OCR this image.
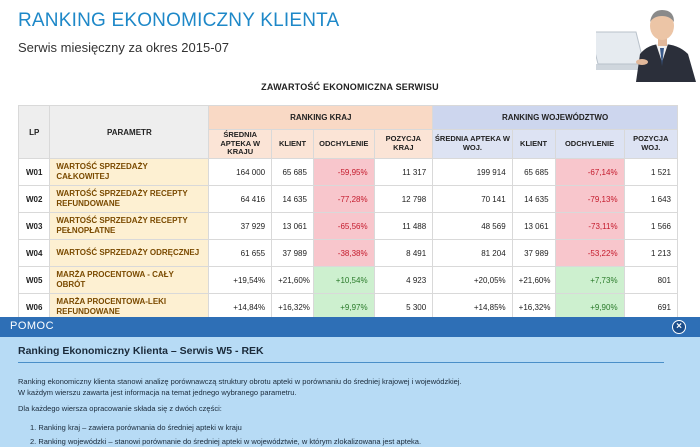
RANKING EKONOMICZNY KLIENTA
Serwis miesięczny za okres 2015-07
ZAWARTOŚĆ EKONOMICZNA SERWISU
LP	PARAMETR	RANKING KRAJ				RANKING WOJEWÓDZTWO			
		ŚREDNIA APTEKA W KRAJU	KLIENT	ODCHYLENIE	POZYCJA KRAJ	ŚREDNIA APTEKA W WOJ.	KLIENT	ODCHYLENIE	POZYCJA WOJ.
W01	WARTOŚĆ SPRZEDAŻY CAŁKOWITEJ	164 000	65 685	-59,95%	11 317	199 914	65 685	-67,14%	1 521
W02	WARTOŚĆ SPRZEDAŻY RECEPTY REFUNDOWANE	64 416	14 635	-77,28%	12 798	70 141	14 635	-79,13%	1 643
W03	WARTOŚĆ SPRZEDAŻY RECEPTY PEŁNOPŁATNE	37 929	13 061	-65,56%	11 488	48 569	13 061	-73,11%	1 566
W04	WARTOŚĆ SPRZEDAŻY ODRĘCZNEJ	61 655	37 989	-38,38%	8 491	81 204	37 989	-53,22%	1 213
W05	MARŻA PROCENTOWA - CAŁY OBRÓT	+19,54%	+21,60%	+10,54%	4 923	+20,05%	+21,60%	+7,73%	801
W06	MARŻA PROCENTOWA-LEKI REFUNDOWANE	+14,84%	+16,32%	+9,97%	5 300	+14,85%	+16,32%	+9,90%	691
POMOC	×
Ranking Ekonomiczny Klienta – Serwis W5 - REK
Ranking ekonomiczny klienta stanowi analizę porównawczą struktury obrotu apteki w porównaniu do średniej krajowej i wojewódzkiej.
W każdym wierszu zawarta jest informacja na temat jednego wybranego parametru.
Dla każdego wiersza opracowanie składa się z dwóch części:
1. Ranking kraj – zawiera porównania do średniej apteki w kraju
2. Ranking wojewódzki – stanowi porównanie do średniej apteki w województwie, w którym zlokalizowana jest apteka.
